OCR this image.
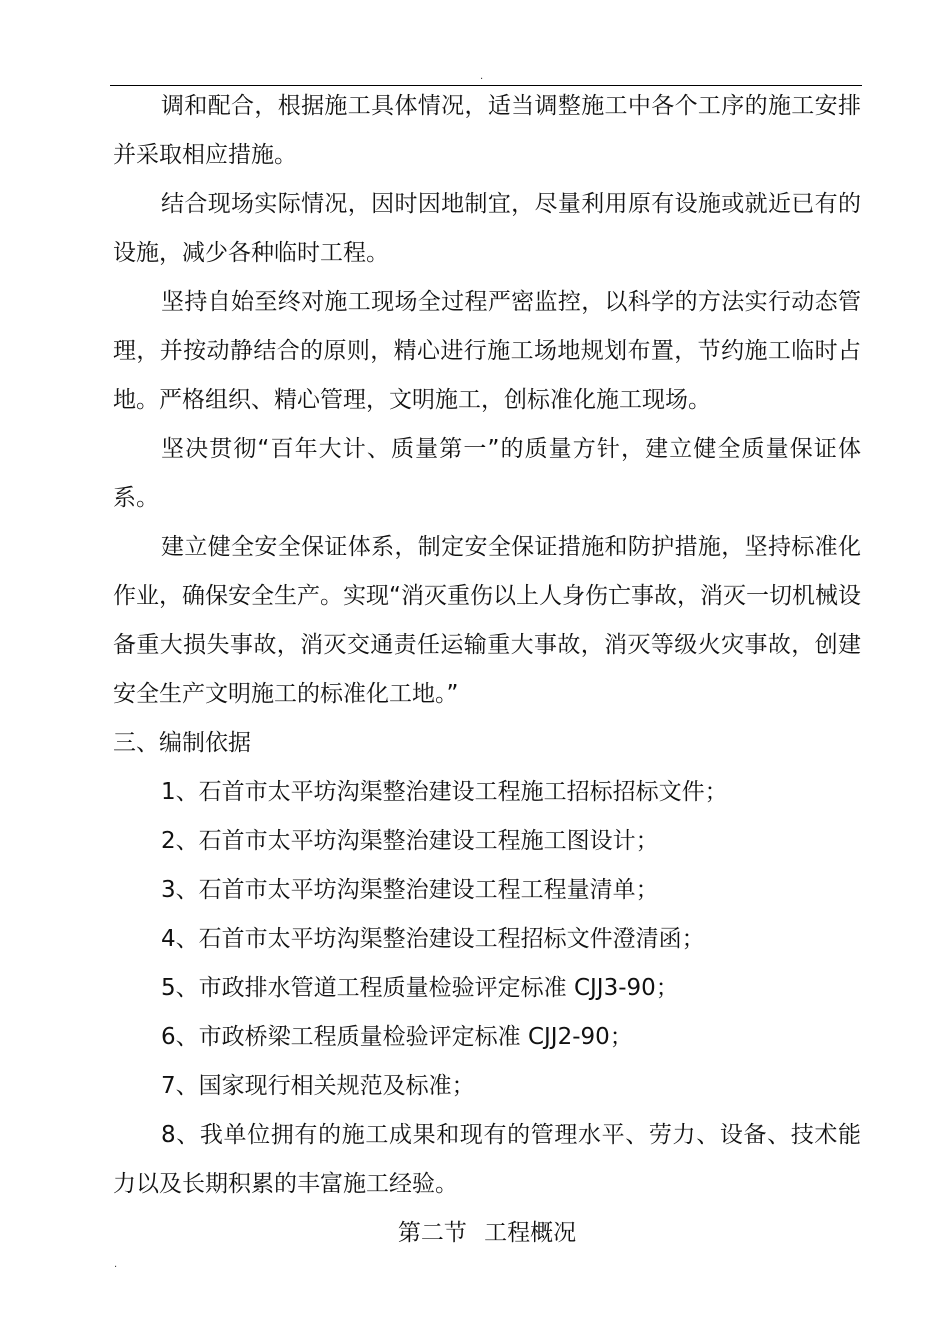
.

调和配合，根据施工具体情况，适当调整施工中各个工序的施工安排并采取相应措施。

结合现场实际情况，因时因地制宜，尽量利用原有设施或就近已有的设施，减少各种临时工程。

坚持自始至终对施工现场全过程严密监控，以科学的方法实行动态管理，并按动静结合的原则，精心进行施工场地规划布置，节约施工临时占地。严格组织、精心管理，文明施工，创标准化施工现场。

坚决贯彻“百年大计、质量第一”的质量方针，建立健全质量保证体系。

建立健全安全保证体系，制定安全保证措施和防护措施，坚持标准化作业，确保安全生产。实现“消灭重伤以上人身伤亡事故，消灭一切机械设备重大损失事故，消灭交通责任运输重大事故，消灭等级火灾事故，创建安全生产文明施工的标准化工地。”

三、编制依据

1、石首市太平坊沟渠整治建设工程施工招标招标文件；
2、石首市太平坊沟渠整治建设工程施工图设计；
3、石首市太平坊沟渠整治建设工程工程量清单；
4、石首市太平坊沟渠整治建设工程招标文件澄清函；
5、市政排水管道工程质量检验评定标准 CJJ3-90；
6、市政桥梁工程质量检验评定标准 CJJ2-90；
7、国家现行相关规范及标准；
8、我单位拥有的施工成果和现有的管理水平、劳力、设备、技术能力以及长期积累的丰富施工经验。

第二节 工程概况

.
